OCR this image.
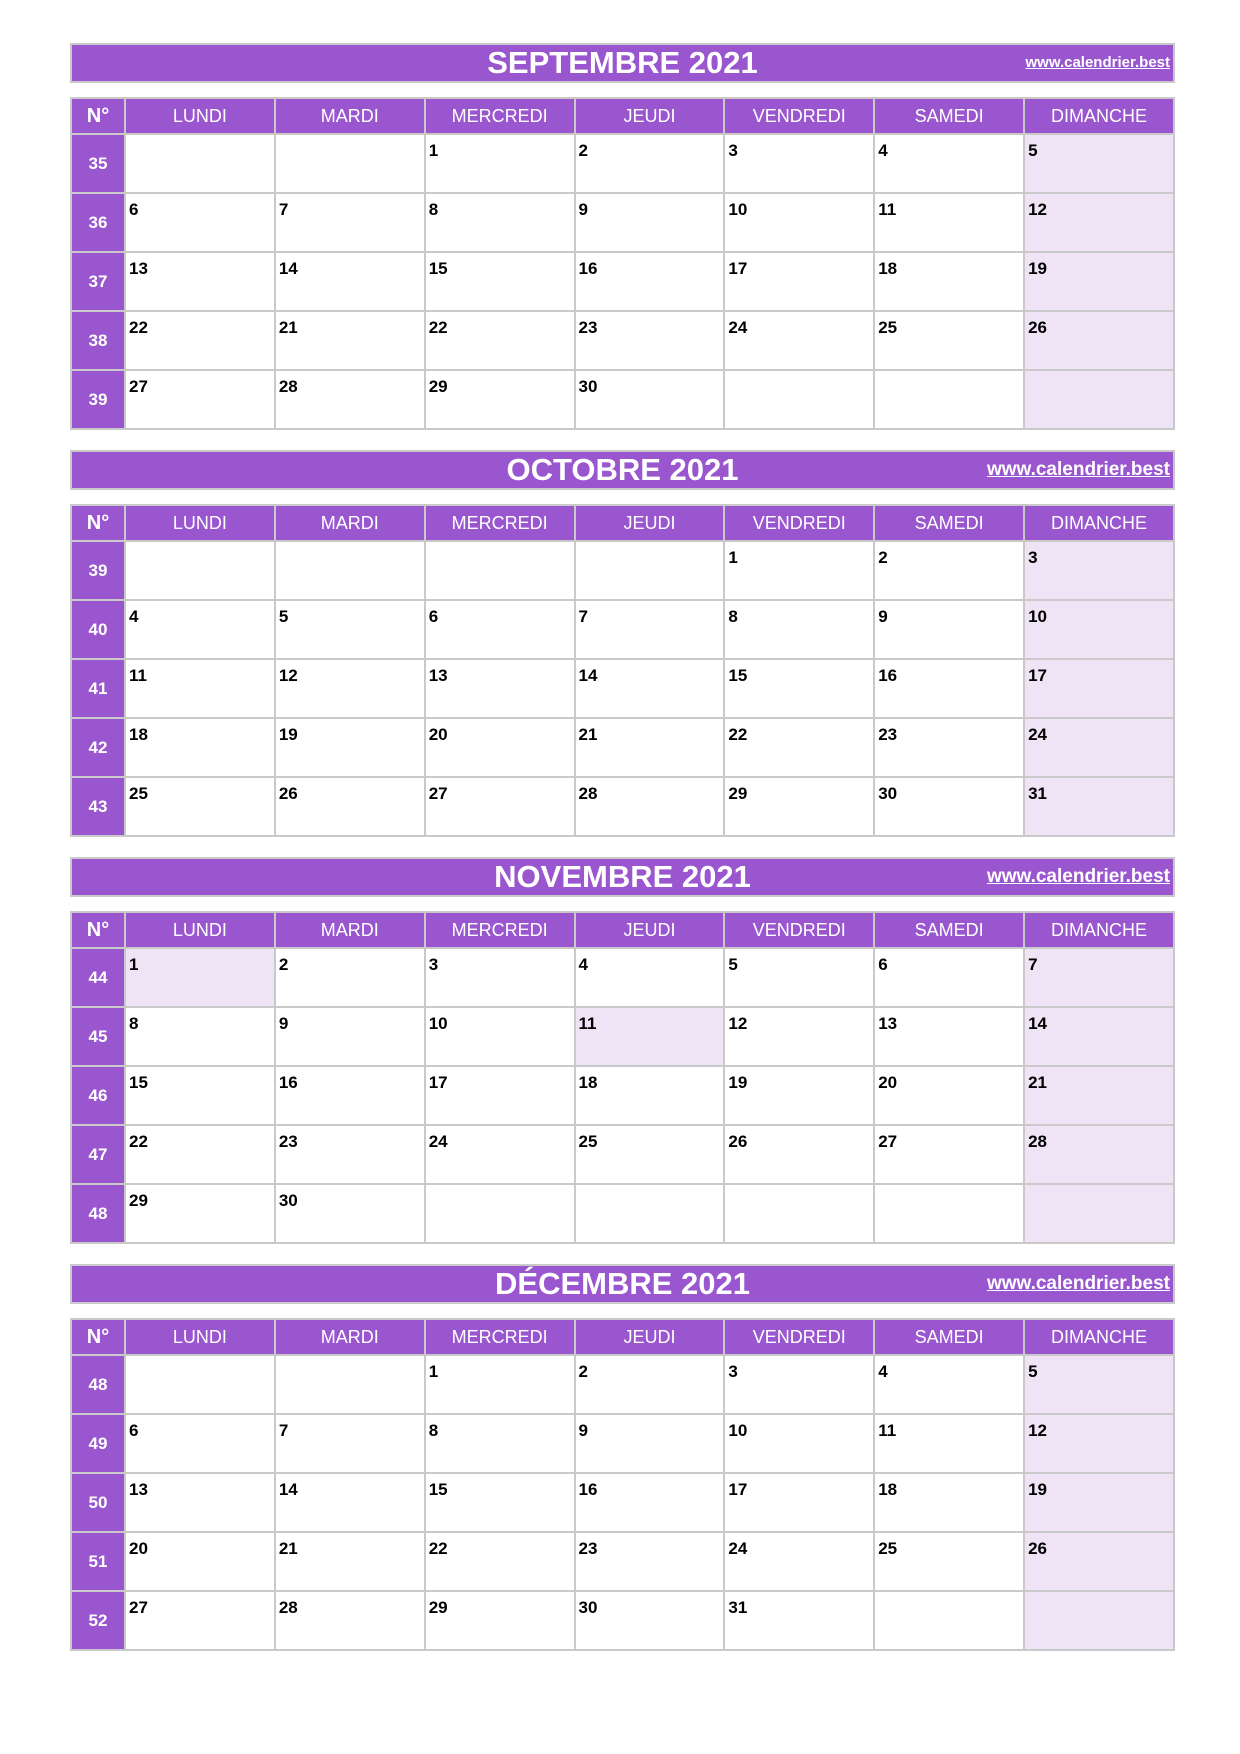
SEPTEMBRE 2021	www.calendrier.best
N°	LUNDI	MARDI	MERCREDI	JEUDI	VENDREDI	SAMEDI	DIMANCHE
35			1	2	3	4	5

36	6	7	8	9	10	11	12

37	13	14	15	16	17	18	19

38	22	21	22	23	24	25	26

39	27	28	29	30			

OCTOBRE 2021	www.calendrier.best
N°	LUNDI	MARDI	MERCREDI	JEUDI	VENDREDI	SAMEDI	DIMANCHE
39					1	2	3

40	4	5	6	7	8	9	10

41	11	12	13	14	15	16	17

42	18	19	20	21	22	23	24

43	25	26	27	28	29	30	31
NOVEMBRE 2021	www.calendrier.best
N°	LUNDI	MARDI	MERCREDI	JEUDI	VENDREDI	SAMEDI	DIMANCHE
44	1	2	3	4	5	6	7

45	8	9	10	11	12	13	14

46	15	16	17	18	19	20	21

47	22	23	24	25	26	27	28

48	29	30					

DÉCEMBRE 2021	www.calendrier.best
N°	LUNDI	MARDI	MERCREDI	JEUDI	VENDREDI	SAMEDI	DIMANCHE
48			1	2	3	4	5

49	6	7	8	9	10	11	12

50	13	14	15	16	17	18	19

51	20	21	22	23	24	25	26

52	27	28	29	30	31		
